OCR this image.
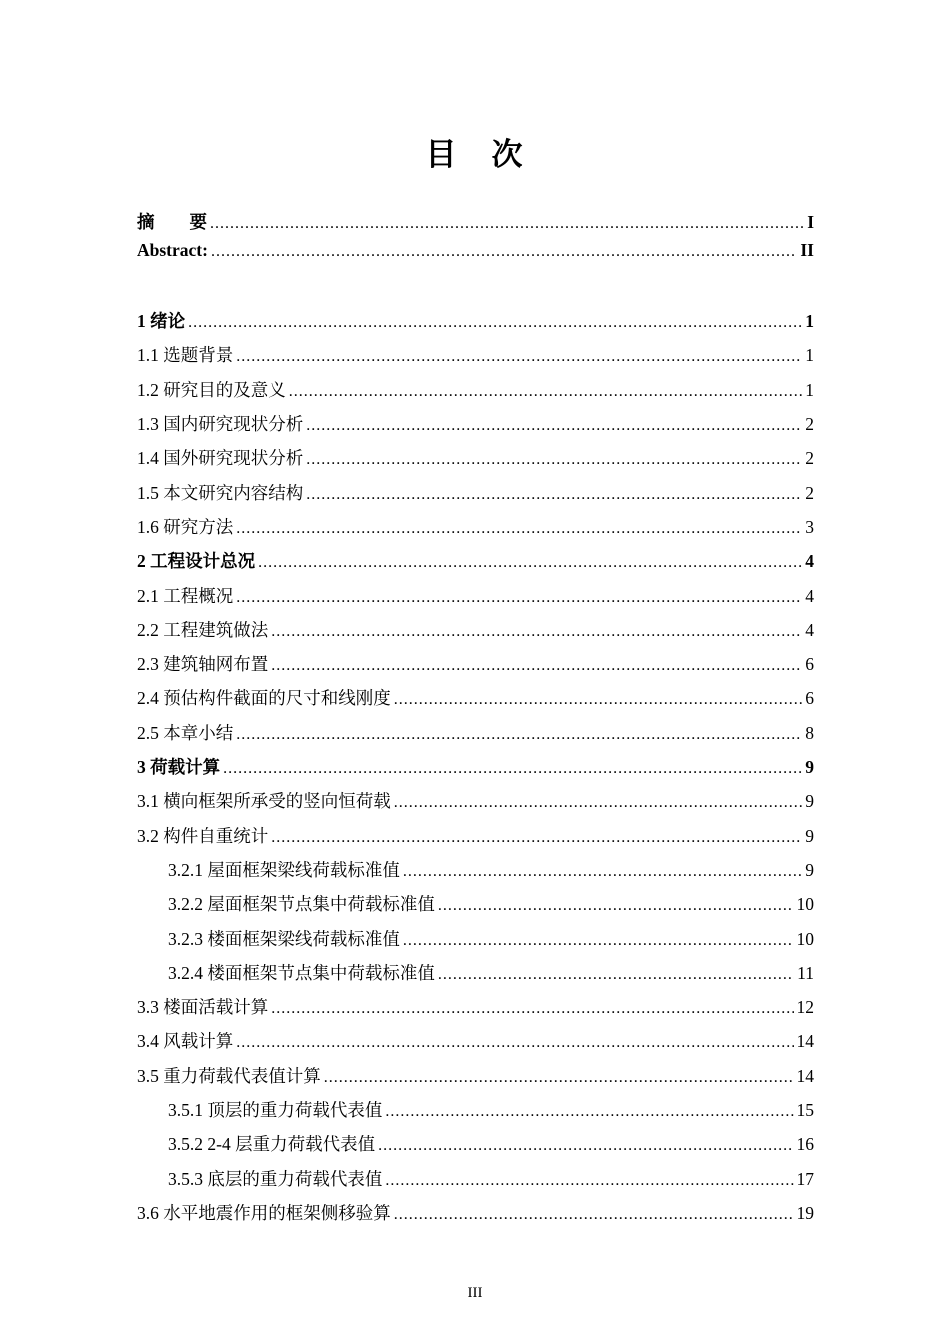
目　次
摘　　要 .....	I
Abstract: .....	II
1 绪论 .....	1
1.1 选题背景 .....	1
1.2 研究目的及意义 .....	1
1.3 国内研究现状分析 .....	2
1.4 国外研究现状分析 .....	2
1.5 本文研究内容结构 .....	2
1.6 研究方法 .....	3
2 工程设计总况 .....	4
2.1 工程概况 .....	4
2.2 工程建筑做法 .....	4
2.3 建筑轴网布置 .....	6
2.4 预估构件截面的尺寸和线刚度 .....	6
2.5 本章小结 .....	8
3 荷载计算 .....	9
3.1 横向框架所承受的竖向恒荷载 .....	9
3.2 构件自重统计 .....	9
3.2.1 屋面框架梁线荷载标准值 .....	9
3.2.2 屋面框架节点集中荷载标准值 .....	10
3.2.3 楼面框架梁线荷载标准值 .....	10
3.2.4 楼面框架节点集中荷载标准值 .....	11
3.3 楼面活载计算 .....	12
3.4 风载计算 .....	14
3.5 重力荷载代表值计算 .....	14
3.5.1 顶层的重力荷载代表值 .....	15
3.5.2 2-4 层重力荷载代表值 .....	16
3.5.3 底层的重力荷载代表值 .....	17
3.6 水平地震作用的框架侧移验算 .....	19
III
